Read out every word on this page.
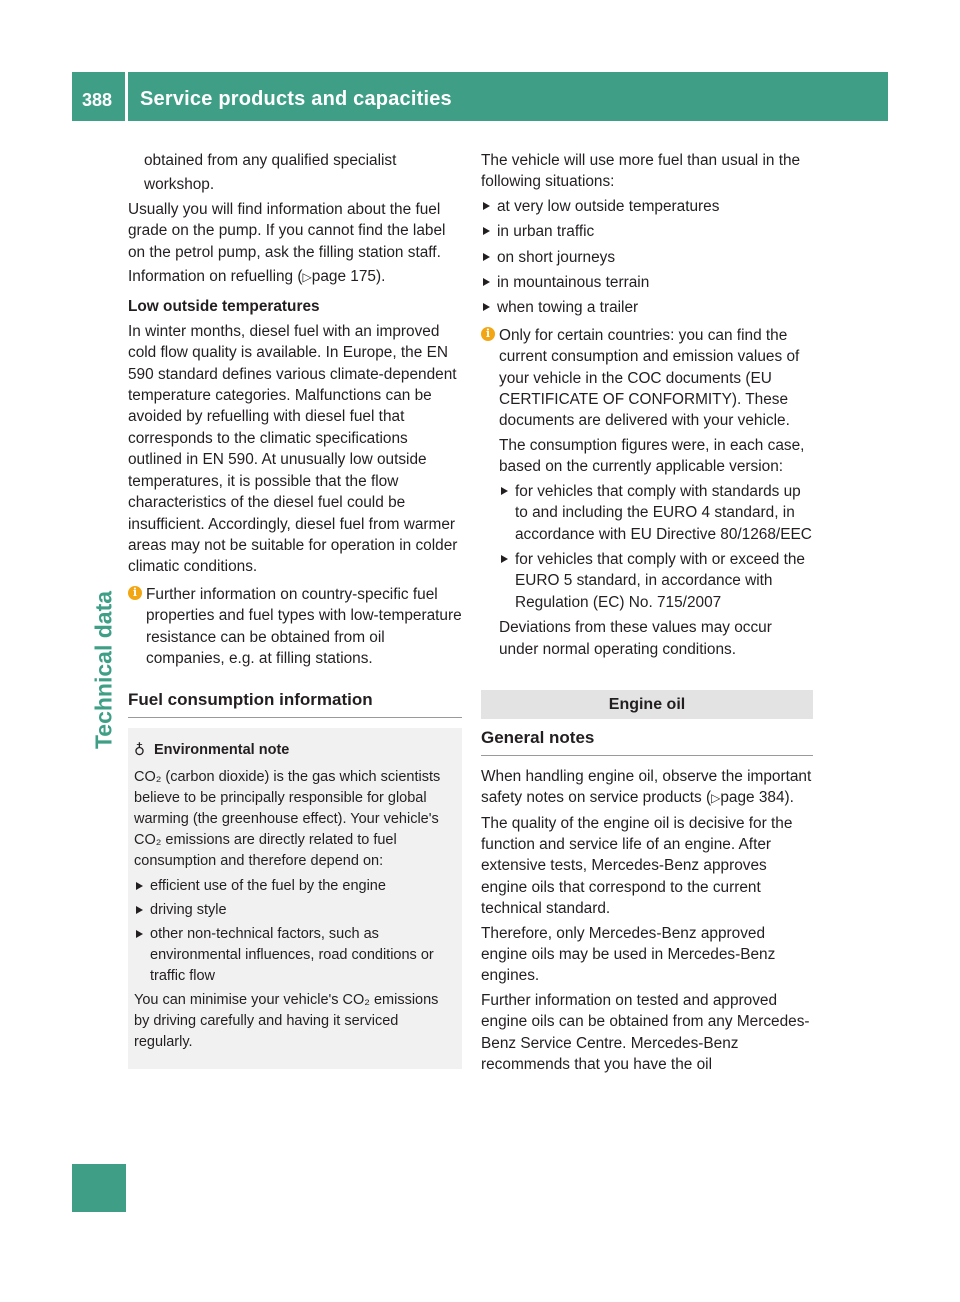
388 Service products and capacities
Technical data

obtained from any qualified specialist

workshop.

Usually you will find information about the fuel grade on the pump. If you cannot find the label on the petrol pump, ask the filling station staff.

Information on refuelling (▷page 175).

Low outside temperatures

In winter months, diesel fuel with an improved cold flow quality is available. In Europe, the EN 590 standard defines various climate-dependent temperature categories. Malfunctions can be avoided by refuelling with diesel fuel that corresponds to the climatic specifications outlined in EN 590. At unusually low outside temperatures, it is possible that the flow characteristics of the diesel fuel could be insufficient. Accordingly, diesel fuel from warmer areas may not be suitable for operation in colder climatic conditions.

i Further information on country-specific fuel properties and fuel types with low-temperature resistance can be obtained from oil companies, e.g. at filling stations.

Fuel consumption information
♁ Environmental note

CO₂ (carbon dioxide) is the gas which scientists believe to be principally responsible for global warming (the greenhouse effect). Your vehicle's CO₂ emissions are directly related to fuel consumption and therefore depend on:

efficient use of the fuel by the engine
driving style
other non-technical factors, such as environmental influences, road conditions or traffic flow

You can minimise your vehicle's CO₂ emissions by driving carefully and having it serviced regularly.

The vehicle will use more fuel than usual in the following situations:

at very low outside temperatures
in urban traffic
on short journeys
in mountainous terrain
when towing a trailer
i Only for certain countries: you can find the current consumption and emission values of your vehicle in the COC documents (EU CERTIFICATE OF CONFORMITY). These documents are delivered with your vehicle.

The consumption figures were, in each case, based on the currently applicable version:

for vehicles that comply with standards up to and including the EURO 4 standard, in accordance with EU Directive 80/1268/EEC
for vehicles that comply with or exceed the EURO 5 standard, in accordance with Regulation (EC) No. 715/2007

Deviations from these values may occur under normal operating conditions.

Engine oil
General notes

When handling engine oil, observe the important safety notes on service products (▷page 384).

The quality of the engine oil is decisive for the function and service life of an engine. After extensive tests, Mercedes-Benz approves engine oils that correspond to the current technical standard.

Therefore, only Mercedes-Benz approved engine oils may be used in Mercedes-Benz engines.

Further information on tested and approved engine oils can be obtained from any Mercedes-Benz Service Centre. Mercedes-Benz recommends that you have the oil
